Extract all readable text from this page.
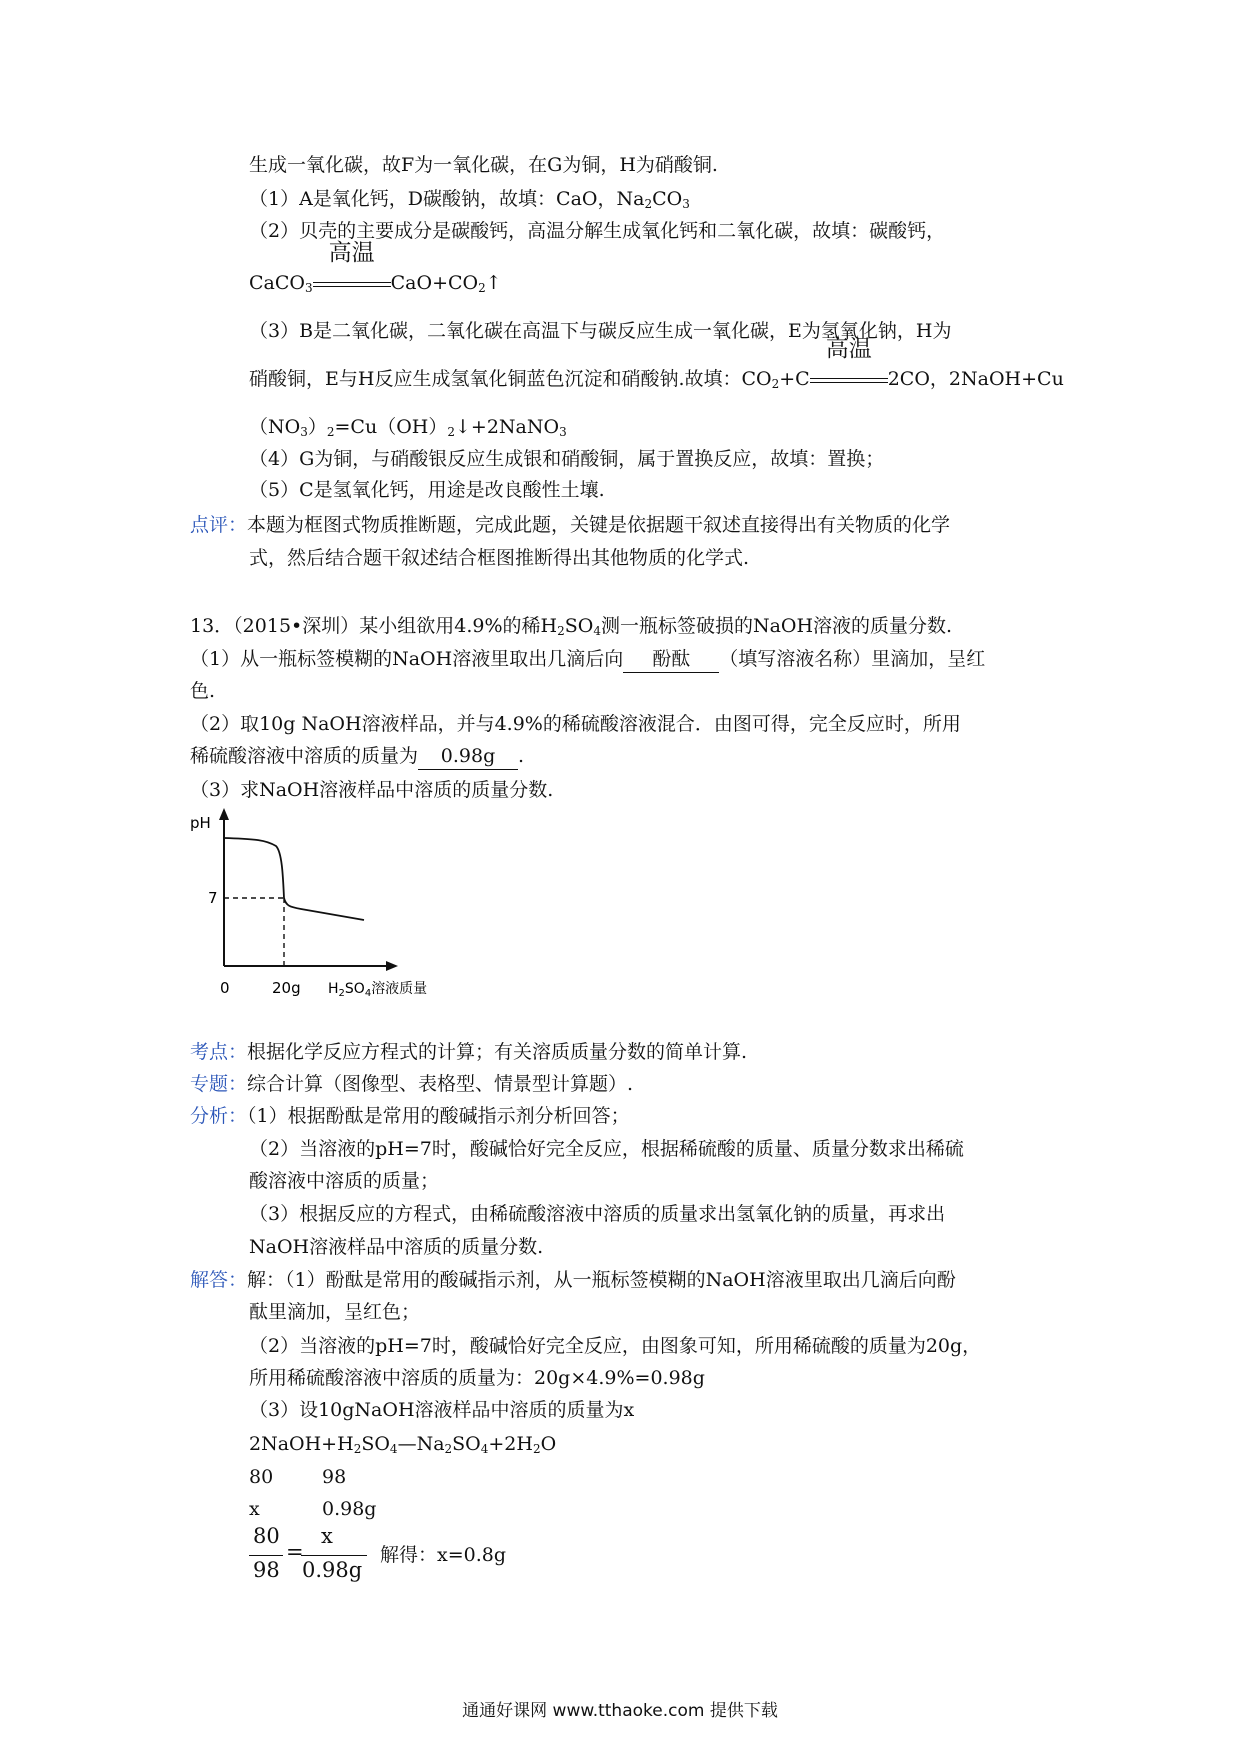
生成一氧化碳，故F为一氧化碳，在G为铜，H为硝酸铜.
（1）A是氧化钙，D碳酸钠，故填：CaO，$Na_2CO_3$
（2）贝壳的主要成分是碳酸钙，高温分解生成氧化钙和二氧化碳，故填：碳酸钙，
CaCO$_3$
高温
$CaO+CO_2↑$
（3）B是二氧化碳，二氧化碳在高温下与碳反应生成一氧化碳，E为氢氧化钠，H为
硝酸铜，E与H反应生成氢氧化铜蓝色沉淀和硝酸钠.故填：$CO_2+C$
高温
2CO，2NaOH+Cu
$(NO_3)_2=Cu(OH)_2↓+2NaNO_3$
（4）G为铜，与硝酸银反应生成银和硝酸铜，属于置换反应，故填：置换；
（5）C是氢氧化钙，用途是改良酸性土壤.
点评：本题为框图式物质推断题，完成此题，关键是依据题干叙述直接得出有关物质的化学
式，然后结合题干叙述结合框图推断得出其他物质的化学式.
13．（2015•深圳）某小组欲用4.9%的稀$H_2SO_4$测一瓶标签破损的NaOH溶液的质量分数.
（1）从一瓶标签模糊的NaOH溶液里取出几滴后向 酚酞 （填写溶液名称）里滴加，呈红
色.
（2）取10g NaOH溶液样品，并与4.9%的稀硫酸溶液混合．由图可得，完全反应时，所用
稀硫酸溶液中溶质的质量为 0.98g .
（3）求NaOH溶液样品中溶质的质量分数.
pH
7
0	20g $H_2SO_4$溶液质量
考点：根据化学反应方程式的计算；有关溶质质量分数的简单计算.
专题：综合计算（图像型、表格型、情景型计算题）.
分析：（1）根据酚酞是常用的酸碱指示剂分析回答；
（2）当溶液的pH=7时，酸碱恰好完全反应，根据稀硫酸的质量、质量分数求出稀硫
酸溶液中溶质的质量；
（3）根据反应的方程式，由稀硫酸溶液中溶质的质量求出氢氧化钠的质量，再求出
NaOH溶液样品中溶质的质量分数.
解答：解：（1）酚酞是常用的酸碱指示剂，从一瓶标签模糊的NaOH溶液里取出几滴后向酚
酞里滴加，呈红色；
（2）当溶液的pH=7时，酸碱恰好完全反应，由图象可知，所用稀硫酸的质量为20g，
所用稀硫酸溶液中溶质的质量为：20g×4.9%=0.98g
（3）设10gNaOH溶液样品中溶质的质量为x
$2NaOH+H_2SO_4—Na_2SO_4+2H_2O$
80	98
x	0.98g
80
98
=
x
0.98g
解得：x=0.8g
通通好课网 www.tthaoke.com 提供下载
